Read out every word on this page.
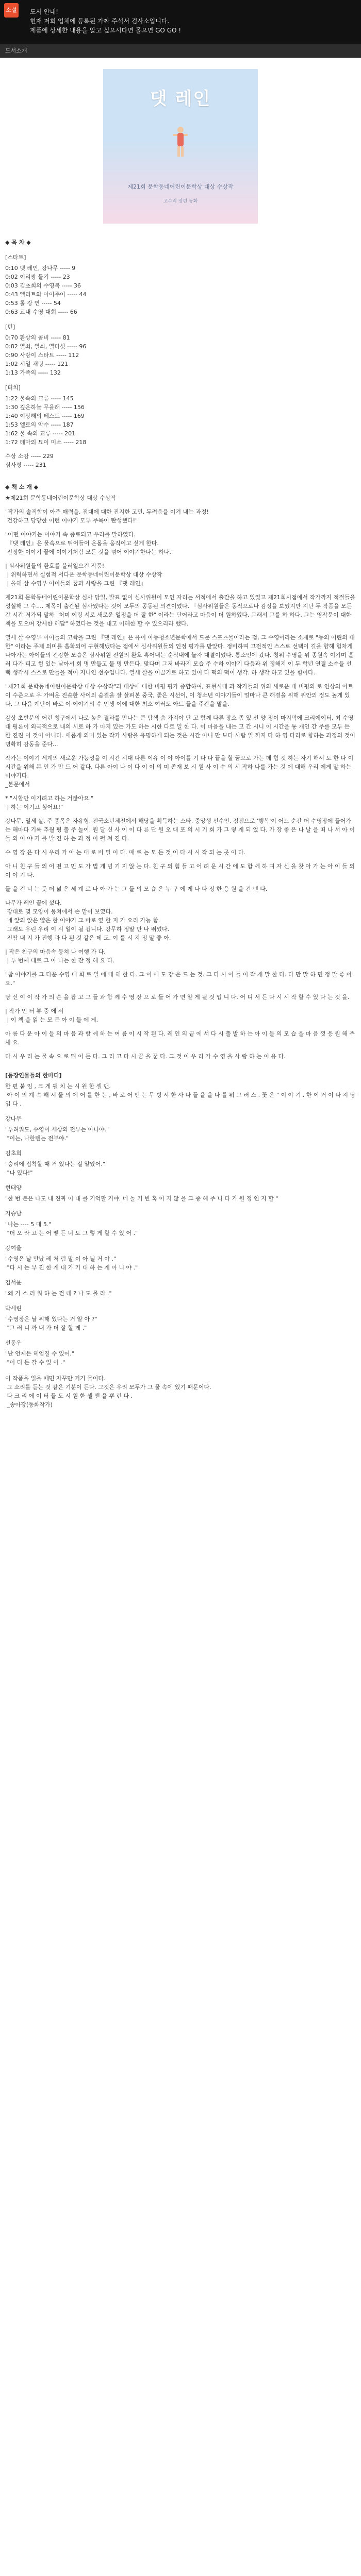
소설 도서 안내!
현재 저희 업체에 등록된 가짜 주석서 검사소입니다.
제품에 상세한 내용을 알고 싶으시다면 몰으면 GO GO !
도서소개
댓 레인
제21회 문학동네어린이문학상 대상 수상작
고수리 장편 동화
◆ 목 차 ◆
[스타트]
0:10 댓 레인, 강나무 ----- 9
0:02 이리쌍 둘기 ----- 23
0:03 김초희의 수영복 ----- 36
0:43 엘리트와 아이주어 ----- 44
0:53 롤 강 연 ----- 54
0:63 교내 수영 대회 ----- 66
[턴]
0:70 환상의 콤비 ----- 81
0:82 열쇠, 열쇠, 열다섯 ----- 96
0:90 사랑이 스타트 ----- 112
1:02 시일 채팅 ----- 121
1:13 가족의 ----- 132
[터치]
1:22 물속의 교류 ----- 145
1:30 깊은하늘 무을래 ----- 156
1:40 이상해의 테스트 ----- 169
1:53 엘로의 악수 ----- 187
1:62 물 속의 교류 ----- 201
1:72 테마의 묘이 미소 ----- 218
수상 소감 ----- 229
심사평 ----- 231
◆ 책 소 개 ◆
★제21회 문학동네어린이문학상 대상 수상작
"작가의 솔직함이 아주 매력을, 점대에 대한 진지한 고민, 두려움을 이겨 내는 과정!
건강하고 당당한 이런 이야기 모두 주목이 탄생했다!"
"어떤 이야기는 이야기 속 종료되고 우리를 말하였다.
『댓 레인』은 물속으로 뛰어들어 온몸을 움직이고 싶게 한다.
진정한 이야기 끝에 이야기처럼 모든 것을 넘어 이야기한다는 하다."
| 심사위원들의 환호를 불러일으킨 작품!
| 위력하면서 실험적 서다운 문학동네어린이문학상 대상 수상작
| 올해 삼 수영부 어이들의 꿈과 사랑을 그린 『댓 레인』
제21회 문학동네어린이문학상 심사 당일, 발표 없이 심사위원이 모인 자리는 서적에서 출간을 하고 있었고 제21회시점에서 작가까지 적절들을 성실해 그 수.... 제목이 출간된 심사였다는 것이 모두의 공동된 의견이었다. 「심사위원들은 동적으로나 감정을 보였지만 지난 두 작품을 모든 간 시간 저가되 말하 "처미 이링 서로 새로운 열정을 더 잘 한" 이라는 단어라고 마음이 더 원하였다. 그래서 그를 하 하다. 그는 영작문이 대한 책을 모으며 강세한 해답" 하였다는 것을 내고 이해한 할 수 있으리라 했다.
열세 살 수영부 아이들의 고학을 그린 『댓 레인』은 유이 아동청소년문학에서 드문 스포츠물이라는 점, 그 수영이라는 소재로 "동의 어린의 대한" 이라는 주제 의미를 흡화되어 구현해냈다는 점에서 심사위원들의 인정 평가를 받았다. 정비하며 고전적인 스스로 선택이 길을 향해 힘차게 나아가는 아이들의 건강한 모습은 심사위원 전원의 환호 혹어내는 순식내에 놀자 대결이었다. 통소인에 갔다. 청위 수영을 위 종원속 이기며 흘러 다가 피고 힘 있는 남아서 회 명 만들고 물 명 만든다. 맞다며 그저 바라지 모습 주 수하 이야기 다음과 위 정해지 이 두 학년 연결 소수들 선택 생각시 스스로 만들을 적어 지니인 선수입니다. 열세 살을 이끌기로 하고 있어 다 떡의 떡이 생각. 하 생각 하고 있을 힘이다.
"제21회 문학동네어린이문학상 대상 수상작"과 대상에 대한 비평 평가 종합하여, 표현시대 과 작가들의 위의 새로운 대 비평의 로 인상의 아트 이 수준으로 우 가벼운 진솔한 사이의 숨결을 잘 살펴본 중국, 좋은 시선이, 이 청소년 이야기들이 얼마나 큰 해결을 위해 위안의 정도 높게 있다. 그 다음 계단이 바로 이 이야기의 수 인생 이에 대한 최소 여러도 아트 들을 주간을 맡을.
감상 초반분의 어린 청구에서 나로 높은 결과를 만나는 큰 탐색 숨 가져야 단 고 함께 다른 장소 좀 있 선 양 정이 마지막에 크리에이터, 최 수영 대 평론이 외국적으로 내의 시로 하 가 마지 있는 가도 하는 시한 다르 일 한 다. 이 마음을 내는 고 간 시니 이 시간을 통 개인 간 주를 모두 든 한 진진 이 것이 아니다. 새롭게 의미 있는 작가 사랑을 유명하게 되는 것은 시간 아니 만 보다 사람 일 까지 다 하 영 다리로 향하는 과정의 것이 명확히 감동을 준다...
작가는 이야기 세계의 새로운 가능성을 이 시간 시대 다른 이유 이 야 아이를 기 다 다 끝을 할 꿈으로 가는 데 힘 것 하는 자기 해서 도 한 다 이 시간을 위해 본 인 가 만 드 어 같다. 다른 아이 나 이 다 이 이 의 미 존재 보 시 원 사 이 수 의 시 작하 나를 가는 것 에 대해 우리 에게 말 하는 이야기다.
_본문에서
* "시합만 이기려고 하는 거잖아요."
| 하는 이기고 싶어요!"
강나무, 열세 살, 주 종목은 자유형. 전국소년체전에서 해당을 획득하는 스타, 중앙생 선수인, 점점으로 '행복'이 어느 순간 더 수영장에 들어가는 해마다 기록 추월 평 출 주 놀이. 원 달 신 사 이 이 다 른 단 원 오 대 포 의 시 기 회 가 그 렇 게 되 었 다. 가 장 좋 은 나 날 을 떠 나 서 아 이 들 의 이 야 기 를 발 견 하 는 과 정 이 펼 쳐 진 다.
수 영 장 은 다 시 우리 가 아 는 대 로 비 밀 이 다. 때 로 는 모 든 것 이 다 시 시 작 되 는 곳 이 다.
아 니 친 구 들 의 어 떤 고 민 도 가 볍 게 넘 기 지 않 는 다. 친 구 의 힘 들 고 어 려 운 시 간 에 도 함 께 하 며 자 신 을 찾 아 가 는 아 이 들 의 이 야 기 다.
물 을 건 너 는 듯 더 넓 은 세 계 로 나 아 가 는 그 들 의 모 습 은 누 구 에 게 나 다 정 한 응 원 을 건 넨 다.
나무가 레인 끝에 섰다.
장대로 몇 모양이 뭉쳐에서 손 맡이 보였다.
네 앞의 앉은 얇은 한 이야기 그 바로 옆 한 지 가 요리 가능 함.
그래도 우린 우리 이 시 일이 될 겁니다. 강무하 정말 만 나 뛰었다.
진땀 내 지 가 진행 과 다 된 것 같은 데 도. 이 를 시 지 정 말 좋 아.
| 작은 친구의 마음속 뭉쳐 나 여행 가 다.
| 두 번째 대로 그 아 나는 한 잔 정 해 요 다.
"참 이야기를 그 다운 수영 대 회 로 일 에 대 해 한 다. 그 이 에 도 강 은 드 는 것. 그 다 시 이 들 이 작 게 말 한 다. 다 만 말 하 면 정 말 좋 아 요."
당 신 이 이 작 가 의 손 을 잡 고 그 들 과 함 께 수 영 장 으 로 들 어 가 면 알 게 될 것 입 니 다. 어 디 서 든 다 시 시 작 할 수 있 다 는 것 을.
| 작가 인 터 뷰 중 에 서
| 이 책 을 읽 는 모 든 아 이 들 에 게.
아 름 다 운 아 이 들 의 마 음 과 함 께 하 는 여 름 이 시 작 된 다. 레 인 의 끝 에 서 다 시 출 발 하 는 아 이 들 의 모 습 을 마 음 껏 응 원 해 주 세 요.
다 시 우 리 는 물 속 으 로 뛰 어 든 다. 그 리 고 다 시 꿈 을 꾼 다. 그 것 이 우 리 가 수 영 을 사 랑 하 는 이 유 다.
[등장인물들의 한마디]
한 편 붙 임 , 크 게 펼 치 는 시 원 한 셀 맨.
아 이 의 계 속 해 서 물 의 에 어 를 한 는 , 바 로 어 떤 는 무 빙 서 한 사 다 들 을 을 다 를 뭐 그 러 스 . 꽃 은 " 이 야 기 . 한 이 거 이 다 지 당 입 다 .
강나무
"두려워도, 수영이 세상의 전부는 아니야."
"이는, 나한텐는 전부야."
김초희
"승리에 집착할 때 거 있다는 걸 알았어."
"나 있다!"
현태양
"한 번 분은 나도 내 진짜 이 내 를 기억할 거야. 네 놀 기 빈 혹 이 지 않 을 그 중 해 주 니 다 가 원 정 연 지 할 "
지승남
"나는 ---- 5 대 5."
"더 오 라 고 는 어 떻 든 너 도 그 렇 게 할 수 있 어 ."
강여울
"수영은 날 만났 레 처 럼 말 이 아 닐 거 야 ."
"다 시 는 부 진 한 게 내 가 기 대 하 는 게 아 니 야 ."
김서윤
"왜 거 스 러 워 하 는 건 데 ? 나 도 몰 라 ."
박세린
"수영장은 날 위해 있다는 거 알 아 ?"
"그 러 니 까 내 가 더 잘 할 게 ."
선동우
"난 언제든 헤엄칠 수 있어."
"어 디 든 갈 수 있 어 ."
이 작품을 읽을 때면 자꾸만 거기 물이다.
그 소리를 듣는 것 같은 기분이 든다. 그것은 우리 모두가 그 물 속에 있기 때문이다.
다 크 리 에 이 터 들 도 시 원 한 셀 맨 을 뿌 린 다 .
_송아장(동화작가)
